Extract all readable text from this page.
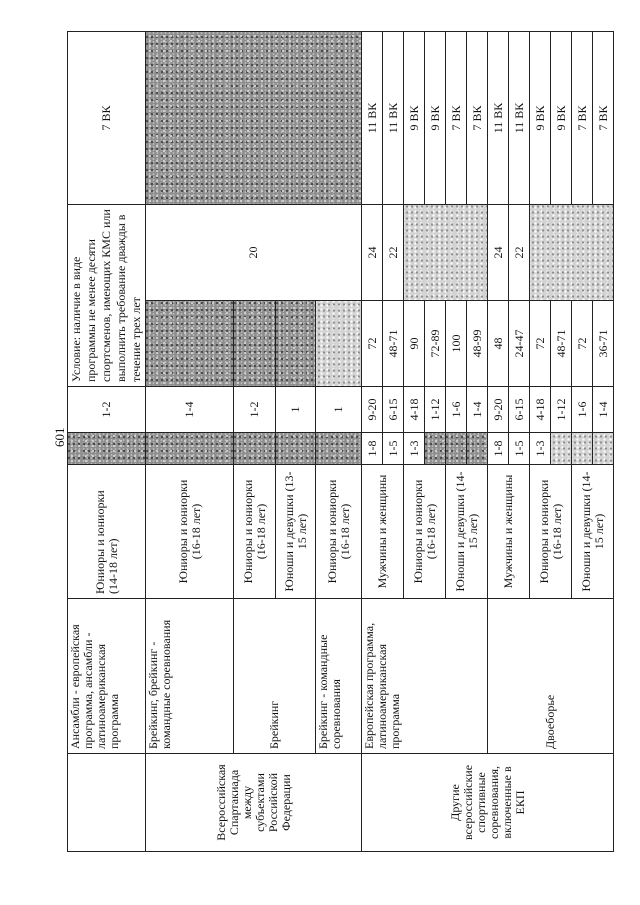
601
	Ансамбли - европейская программа, ансамбли - латиноамериканская программа	Юниоры и юниорки (14-18 лет)		1-2	Условие: наличие в виде программы не менее десяти спортсменов, имеющих КМС или выполнить требование дважды в течение трех лет		7 ВК
Всероссийская Спартакиада между субъектами Российской Федерации	Брейкинг, брейкинг - командные соревнования	Юниоры и юниорки (16-18 лет)		1-4		20	
	Брейкинг	Юниоры и юниорки (16-18 лет)		1-2			
		Юноши и девушки (13-15 лет)		1			
	Брейкинг - командные соревнования	Юниоры и юниорки (16-18 лет)		1			
Другие всероссийские спортивные соревнования, включенные в ЕКП	Европейская программа, латиноамериканская программа	Мужчины и женщины	1-8	9-20	72	24	11 ВК
			1-5	6-15	48-71	22	11 ВК
		Юниоры и юниорки (16-18 лет)	1-3	4-18	90		9 ВК
				1-12	72-89		9 ВК
		Юноши и девушки (14-15 лет)		1-6	100		7 ВК
				1-4	48-99		7 ВК
	Двоеборье	Мужчины и женщины	1-8	9-20	48	24	11 ВК
			1-5	6-15	24-47	22	11 ВК
		Юниоры и юниорки (16-18 лет)	1-3	4-18	72		9 ВК
				1-12	48-71		9 ВК
		Юноши и девушки (14-15 лет)		1-6	72		7 ВК
				1-4	36-71		7 ВК
